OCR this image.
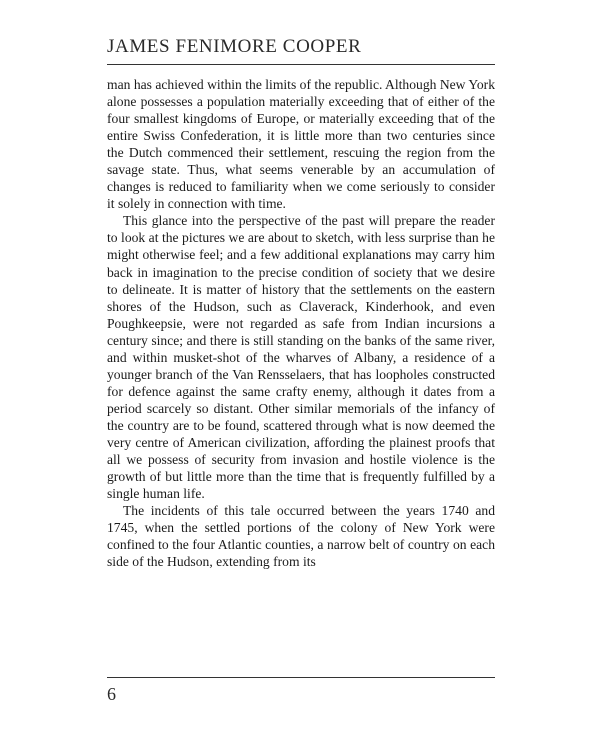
JAMES FENIMORE COOPER

man has achieved within the limits of the republic. Although New York alone possesses a population materially exceeding that of either of the four smallest kingdoms of Europe, or materially exceeding that of the entire Swiss Confederation, it is little more than two centuries since the Dutch commenced their settlement, rescuing the region from the savage state. Thus, what seems venerable by an accumulation of changes is reduced to familiarity when we come seriously to consider it solely in connection with time.

This glance into the perspective of the past will prepare the reader to look at the pictures we are about to sketch, with less surprise than he might otherwise feel; and a few additional explanations may carry him back in imagination to the precise condition of society that we desire to delineate. It is matter of history that the settlements on the eastern shores of the Hudson, such as Claverack, Kinderhook, and even Poughkeepsie, were not regarded as safe from Indian incursions a century since; and there is still standing on the banks of the same river, and within musket-shot of the wharves of Albany, a residence of a younger branch of the Van Rensselaers, that has loopholes constructed for defence against the same crafty enemy, although it dates from a period scarcely so distant. Other similar memorials of the infancy of the country are to be found, scattered through what is now deemed the very centre of American civilization, affording the plainest proofs that all we possess of security from invasion and hostile violence is the growth of but little more than the time that is frequently fulfilled by a single human life.

The incidents of this tale occurred between the years 1740 and 1745, when the settled portions of the colony of New York were confined to the four Atlantic counties, a narrow belt of country on each side of the Hudson, extending from its

6
